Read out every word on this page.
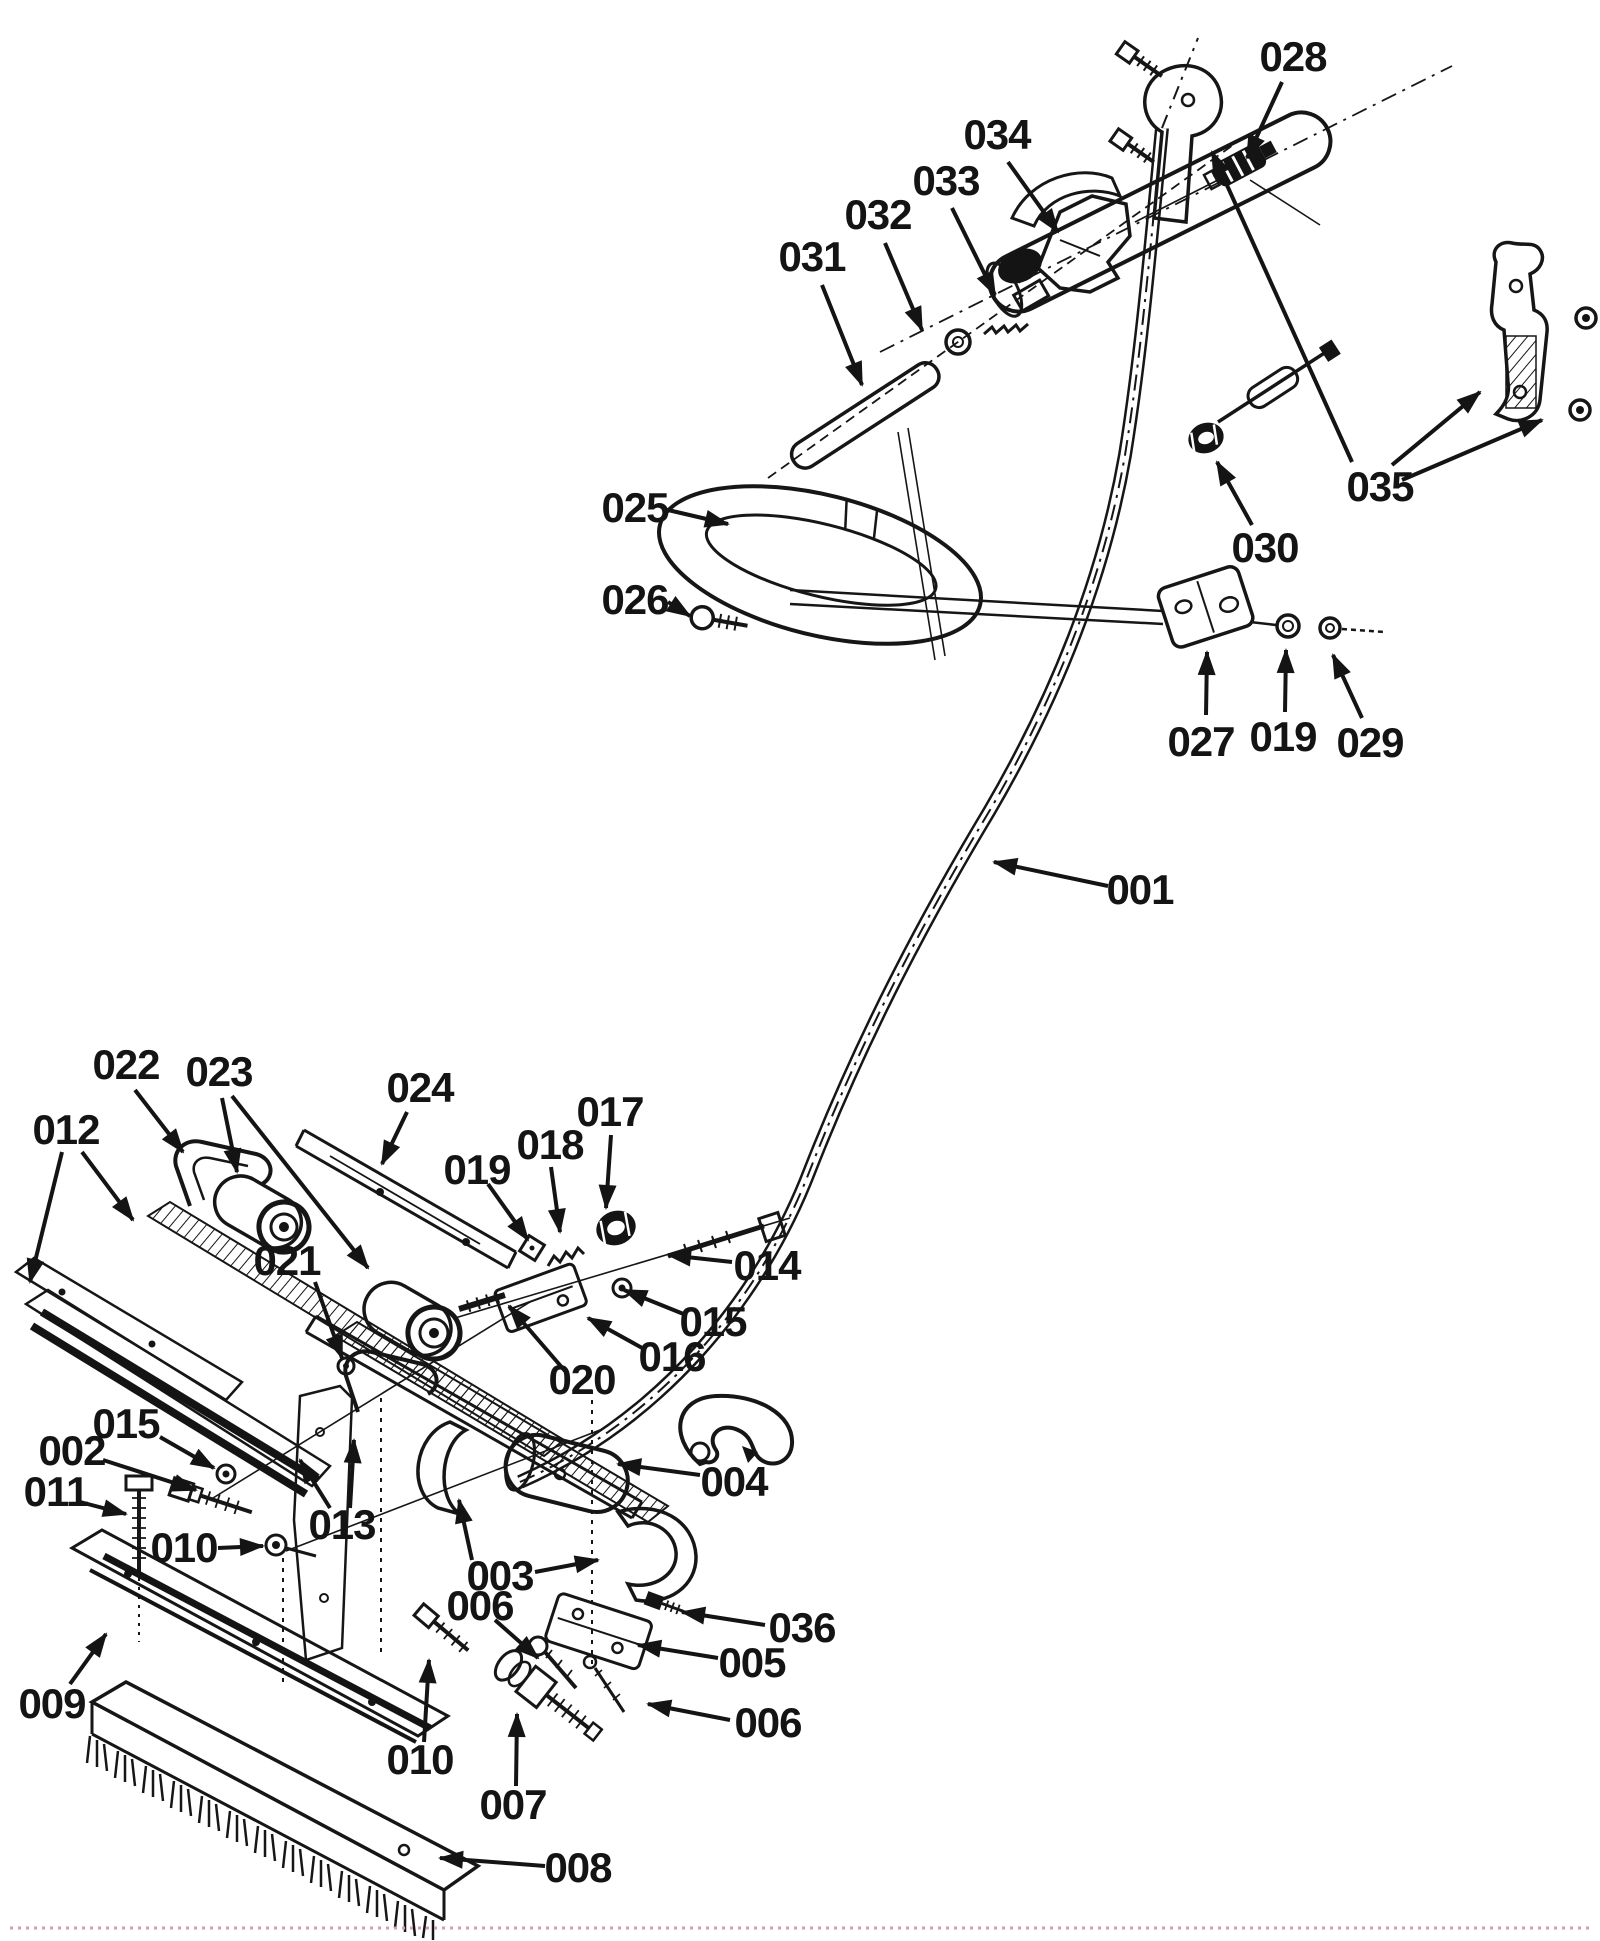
001
002
003
004
005
006
006
007
008
009
010
010
011
012
013
014
015
015
016
017
018
019
019
020
021
022 023	024
025
026
027
028
029
030
031
032
033
034
035
036
